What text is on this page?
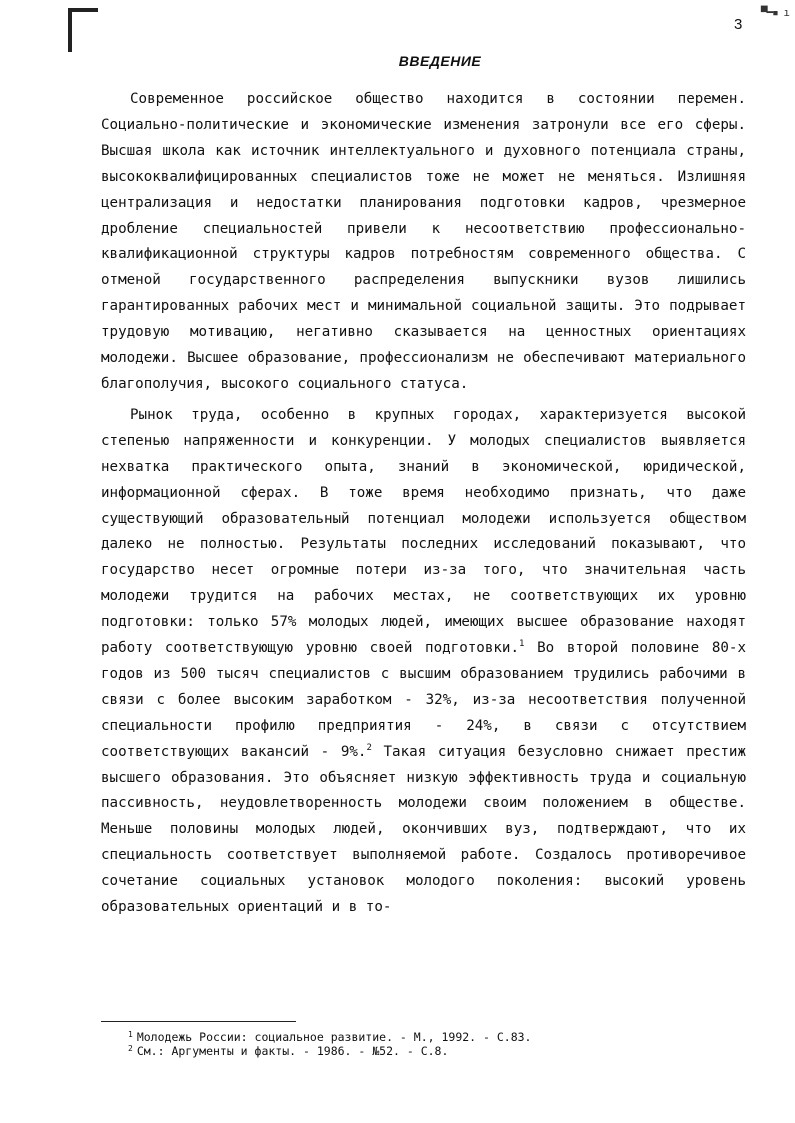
▀━▪ ı
3
ВВЕДЕНИЕ

Современное российское общество находится в состоянии перемен. Социально-политические и экономические изменения затронули все его сферы. Высшая школа как источник интеллектуального и духовного потенциала страны, высококвалифицированных специалистов тоже не может не меняться. Излишняя централизация и недостатки планирования подготовки кадров, чрезмерное дробление специальностей привели к несоответствию профессионально-квалификационной структуры кадров потребностям современного общества. С отменой государственного распределения выпускники вузов лишились гарантированных рабочих мест и минимальной социальной защиты. Это подрывает трудовую мотивацию, негативно сказывается на ценностных ориентациях молодежи. Высшее образование, профессионализм не обеспечивают материального благополучия, высокого социального статуса.

Рынок труда, особенно в крупных городах, характеризуется высокой степенью напряженности и конкуренции. У молодых специалистов выявляется нехватка практического опыта, знаний в экономической, юридической, информационной сферах. В тоже время необходимо признать, что даже существующий образовательный потенциал молодежи используется обществом далеко не полностью. Результаты последних исследований показывают, что государство несет огромные потери из-за того, что значительная часть молодежи трудится на рабочих местах, не соответствующих их уровню подготовки: только 57% молодых людей, имеющих высшее образование находят работу соответствующую уровню своей подготовки.$^1$ Во второй половине 80-х годов из 500 тысяч специалистов с высшим образованием трудились рабочими в связи с более высоким заработком - 32%, из-за несоответствия полученной специальности профилю предприятия - 24%, в связи с отсутствием соответствующих вакансий - 9%.$^2$ Такая ситуация безусловно снижает престиж высшего образования. Это объясняет низкую эффективность труда и социальную пассивность, неудовлетворенность молодежи своим положением в обществе. Меньше половины молодых людей, окончивших вуз, подтверждают, что их специальность соответствует выполняемой работе. Создалось противоречивое сочетание социальных установок молодого поколения: высокий уровень образовательных ориентаций и в то-

$^1$ Молодежь России: социальное развитие. - М., 1992. - С.83.
$^2$ См.: Аргументы и факты. - 1986. - №52. - С.8.
